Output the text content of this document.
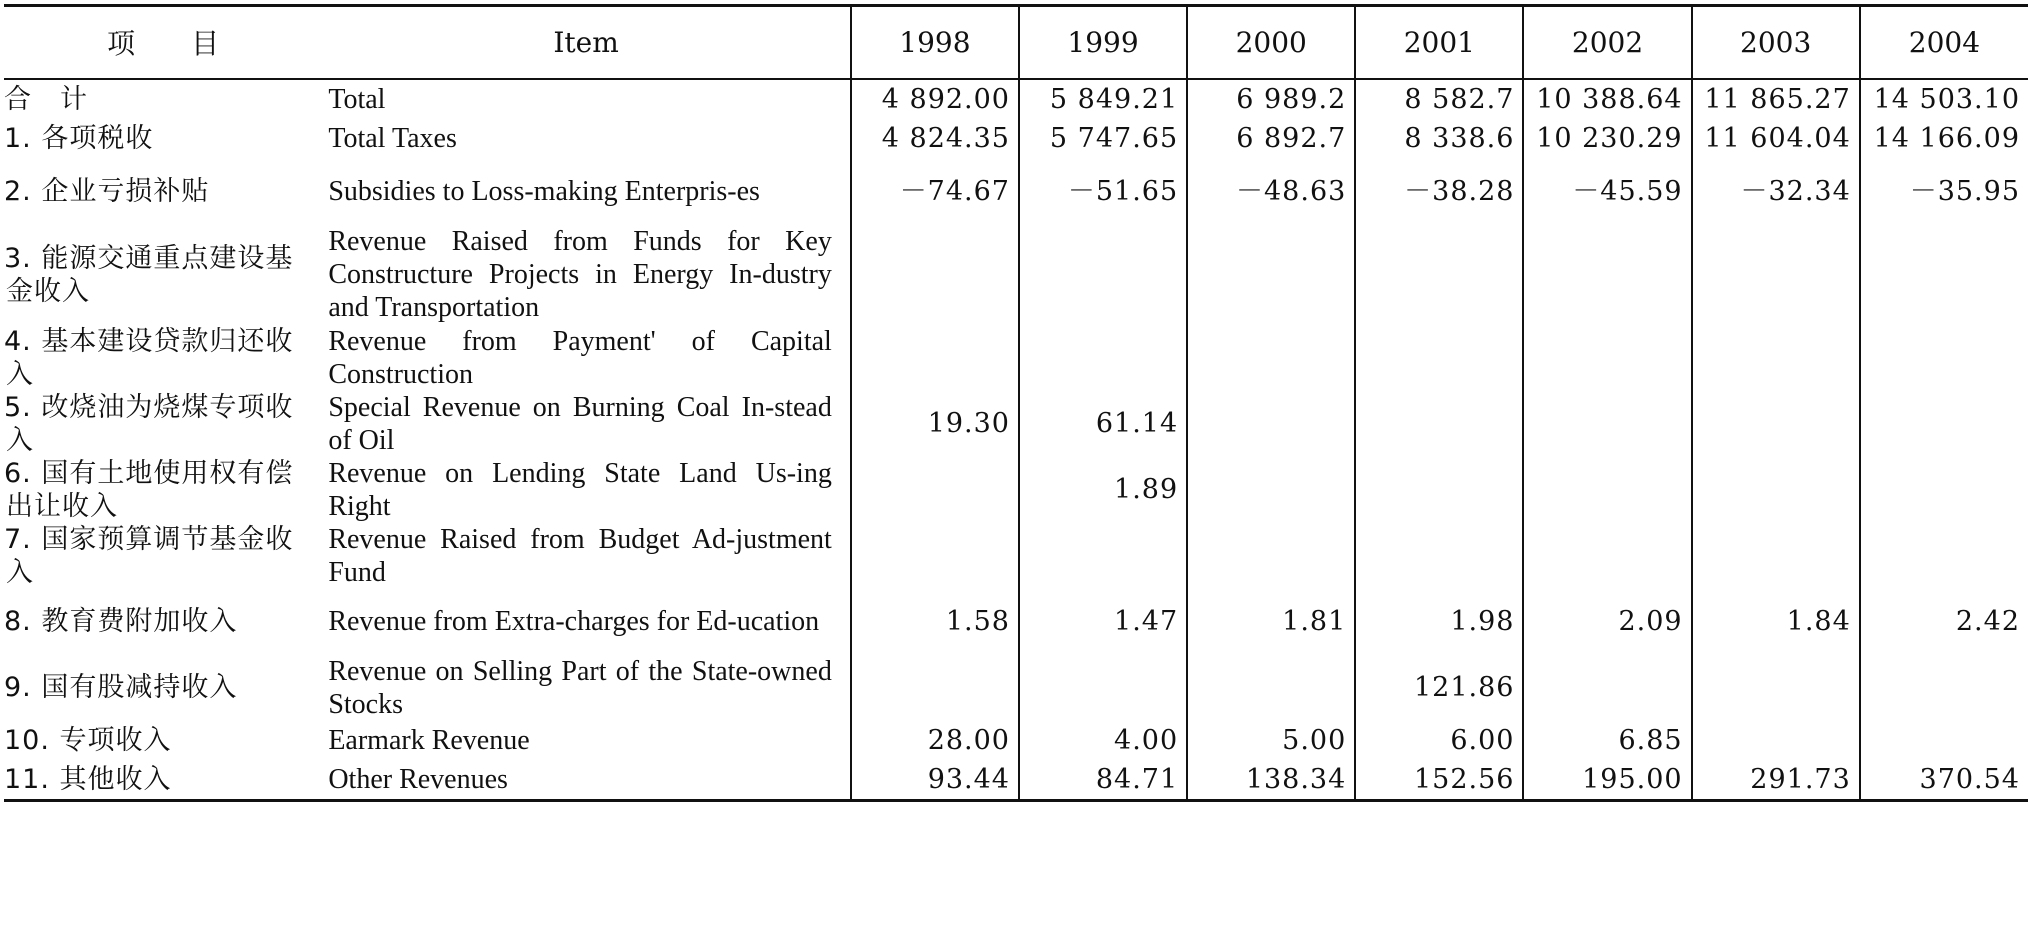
项　　目	Item	1998	1999	2000	2001	2002	2003	2004
合　计	Total	4 892.00	5 849.21	6 989.2	8 582.7	10 388.64	11 865.27	14 503.10
1. 各项税收	Total Taxes	4 824.35	5 747.65	6 892.7	8 338.6	10 230.29	11 604.04	14 166.09
2. 企业亏损补贴	Subsidies to Loss-making Enterpris-es	－74.67	－51.65	－48.63	－38.28	－45.59	－32.34	－35.95
3. 能源交通重点建设基金收入	Revenue Raised from Funds for Key Constructure Projects in Energy In-dustry and Transportation							
4. 基本建设贷款归还收入	Revenue from Payment' of Capital Construction							
5. 改烧油为烧煤专项收入	Special Revenue on Burning Coal In-stead of Oil	19.30	61.14					
6. 国有土地使用权有偿出让收入	Revenue on Lending State Land Us-ing Right		1.89					
7. 国家预算调节基金收入	Revenue Raised from Budget Ad-justment Fund							
8. 教育费附加收入	Revenue from Extra-charges for Ed-ucation	1.58	1.47	1.81	1.98	2.09	1.84	2.42
9. 国有股减持收入	Revenue on Selling Part of the State-owned Stocks				121.86			
10. 专项收入	Earmark Revenue	28.00	4.00	5.00	6.00	6.85		
11. 其他收入	Other Revenues	93.44	84.71	138.34	152.56	195.00	291.73	370.54
